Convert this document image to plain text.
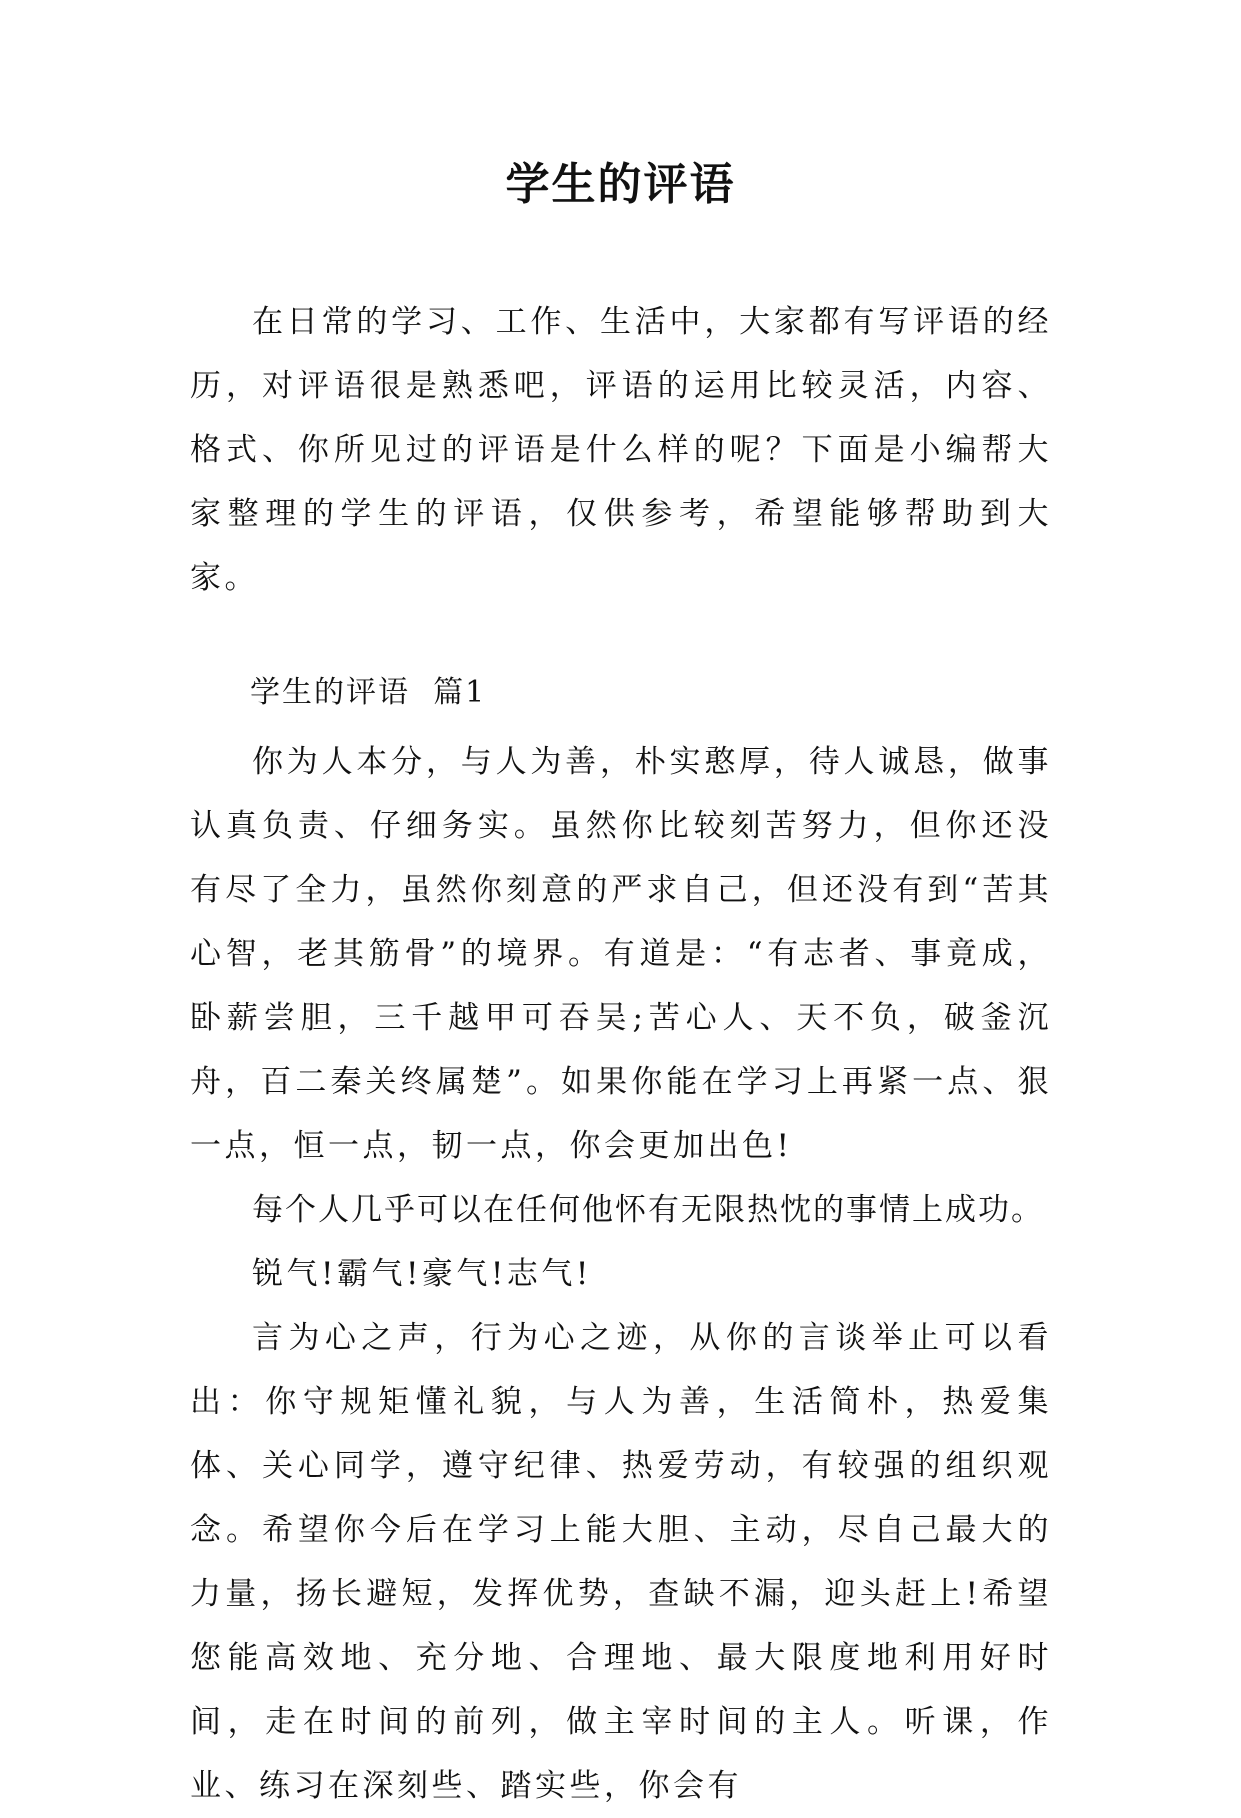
学生的评语

在日常的学习、工作、生活中，大家都有写评语的经历，对评语很是熟悉吧，评语的运用比较灵活，内容、格式、你所见过的评语是什么样的呢？下面是小编帮大家整理的学生的评语，仅供参考，希望能够帮助到大家。

学生的评语  篇1

你为人本分，与人为善，朴实憨厚，待人诚恳，做事认真负责、仔细务实。虽然你比较刻苦努力，但你还没有尽了全力，虽然你刻意的严求自己，但还没有到“苦其心智，老其筋骨”的境界。有道是：“有志者、事竟成，卧薪尝胆，三千越甲可吞吴;苦心人、天不负，破釜沉舟，百二秦关终属楚”。如果你能在学习上再紧一点、狠一点，恒一点，韧一点，你会更加出色!

每个人几乎可以在任何他怀有无限热忱的事情上成功。

锐气!霸气!豪气!志气!

言为心之声，行为心之迹，从你的言谈举止可以看出：你守规矩懂礼貌，与人为善，生活简朴，热爱集体、关心同学，遵守纪律、热爱劳动，有较强的组织观念。希望你今后在学习上能大胆、主动，尽自己最大的力量，扬长避短，发挥优势，查缺不漏，迎头赶上!希望您能高效地、充分地、合理地、最大限度地利用好时间，走在时间的前列，做主宰时间的主人。听课，作业、练习在深刻些、踏实些，你会有
